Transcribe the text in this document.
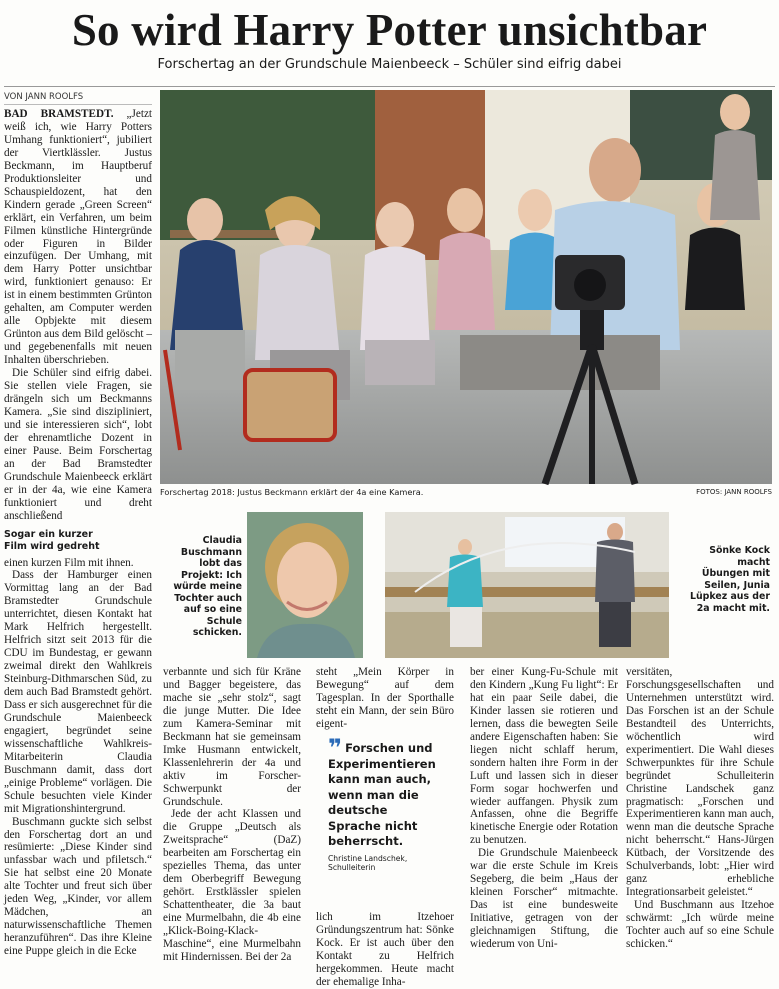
So wird Harry Potter unsichtbar
Forschertag an der Grundschule Maienbeeck – Schüler sind eifrig dabei
VON JANN ROOLFS

BAD BRAMSTEDT. „Jetzt weiß ich, wie Harry Potters Umhang funktioniert“, jubiliert der Viertklässler. Justus Beckmann, im Hauptberuf Produktionsleiter und Schauspieldozent, hat den Kindern gerade „Green Screen“ erklärt, ein Verfahren, um beim Filmen künstliche Hintergründe oder Figuren in Bilder einzufügen. Der Umhang, mit dem Harry Potter unsichtbar wird, funktioniert genauso: Er ist in einem bestimmten Grünton gehalten, am Computer werden alle Opbjekte mit diesem Grünton aus dem Bild gelöscht – und gegebenenfalls mit neuen Inhalten überschrieben.

Die Schüler sind eifrig dabei. Sie stellen viele Fragen, sie drängeln sich um Beckmanns Kamera. „Sie sind diszipliniert, und sie interessieren sich“, lobt der ehrenamtliche Dozent in einer Pause. Beim Forschertag an der Bad Bramstedter Grundschule Maienbeeck erklärt er in der 4a, wie eine Kamera funktioniert und dreht anschließend

Sogar ein kurzer
Film wird gedreht

einen kurzen Film mit ihnen.

Dass der Hamburger einen Vormittag lang an der Bad Bramstedter Grundschule unterrichtet, diesen Kontakt hat Mark Helfrich hergestellt. Helfrich sitzt seit 2013 für die CDU im Bundestag, er gewann zweimal direkt den Wahlkreis Steinburg-Dithmarschen Süd, zu dem auch Bad Bramstedt gehört. Dass er sich ausgerechnet für die Grundschule Maienbeeck engagiert, begründet seine wissenschaftliche Wahlkreis-Mitarbeiterin Claudia Buschmann damit, dass dort „einige Probleme“ vorlägen. Die Schule besuchten viele Kinder mit Migrationshintergrund.

Buschmann guckte sich selbst den Forschertag dort an und resümierte: „Diese Kinder sind unfassbar wach und pfiletsch.“ Sie hat selbst eine 20 Monate alte Tochter und freut sich über jeden Weg, „Kinder, vor allem Mädchen, an naturwissenschaftliche Themen heranzuführen“. Das ihre Kleine eine Puppe gleich in die Ecke

Forschertag 2018: Justus Beckmann erklärt der 4a eine Kamera.	FOTOS: JANN ROOLFS
Claudia Buschmann lobt das Projekt: Ich würde meine Tochter auch auf so eine Schule schicken.
Sönke Kock macht Übungen mit Seilen, Junia Lüpkez aus der 2a macht mit.

verbannte und sich für Kräne und Bagger begeistere, das mache sie „sehr stolz“, sagt die junge Mutter. Die Idee zum Kamera-Seminar mit Beckmann hat sie gemeinsam Imke Husmann entwickelt, Klassenlehrerin der 4a und aktiv im Forscher-Schwerpunkt der Grundschule.

Jede der acht Klassen und die Gruppe „Deutsch als Zweitsprache“ (DaZ) bearbeiten am Forschertag ein spezielles Thema, das unter dem Oberbegriff Bewegung gehört. Erstklässler spielen Schattentheater, die 3a baut eine Murmelbahn, die 4b eine „Klick-Boing-Klack-Maschine“, eine Murmelbahn mit Hindernissen. Bei der 2a

steht „Mein Körper in Bewegung“ auf dem Tagesplan. In der Sporthalle steht ein Mann, der sein Büro eigent-

❞ Forschen und Experimentieren kann man auch, wenn man die deutsche Sprache nicht beherrscht.
Christine Landschek,
Schulleiterin

lich im Itzehoer Gründungszentrum hat: Sönke Kock. Er ist auch über den Kontakt zu Helfrich hergekommen. Heute macht der ehemalige Inha-

ber einer Kung-Fu-Schule mit den Kindern „Kung Fu light“: Er hat ein paar Seile dabei, die Kinder lassen sie rotieren und lernen, dass die bewegten Seile andere Eigenschaften haben: Sie liegen nicht schlaff herum, sondern halten ihre Form in der Luft und lassen sich in dieser Form sogar hochwerfen und wieder auffangen. Physik zum Anfassen, ohne die Begriffe kinetische Energie oder Rotation zu benutzen.

Die Grundschule Maienbeeck war die erste Schule im Kreis Segeberg, die beim „Haus der kleinen Forscher“ mitmachte. Das ist eine bundesweite Initiative, getragen von der gleichnamigen Stiftung, die wiederum von Uni-

versitäten, Forschungsgesellschaften und Unternehmen unterstützt wird. Das Forschen ist an der Schule Bestandteil des Unterrichts, wöchentlich wird experimentiert. Die Wahl dieses Schwerpunktes für ihre Schule begründet Schulleiterin Christine Landschek ganz pragmatisch: „Forschen und Experimentieren kann man auch, wenn man die deutsche Sprache nicht beherrscht.“ Hans-Jürgen Kütbach, der Vorsitzende des Schulverbands, lobt: „Hier wird ganz erhebliche Integrationsarbeit geleistet.“

Und Buschmann aus Itzehoe schwärmt: „Ich würde meine Tochter auch auf so eine Schule schicken.“
